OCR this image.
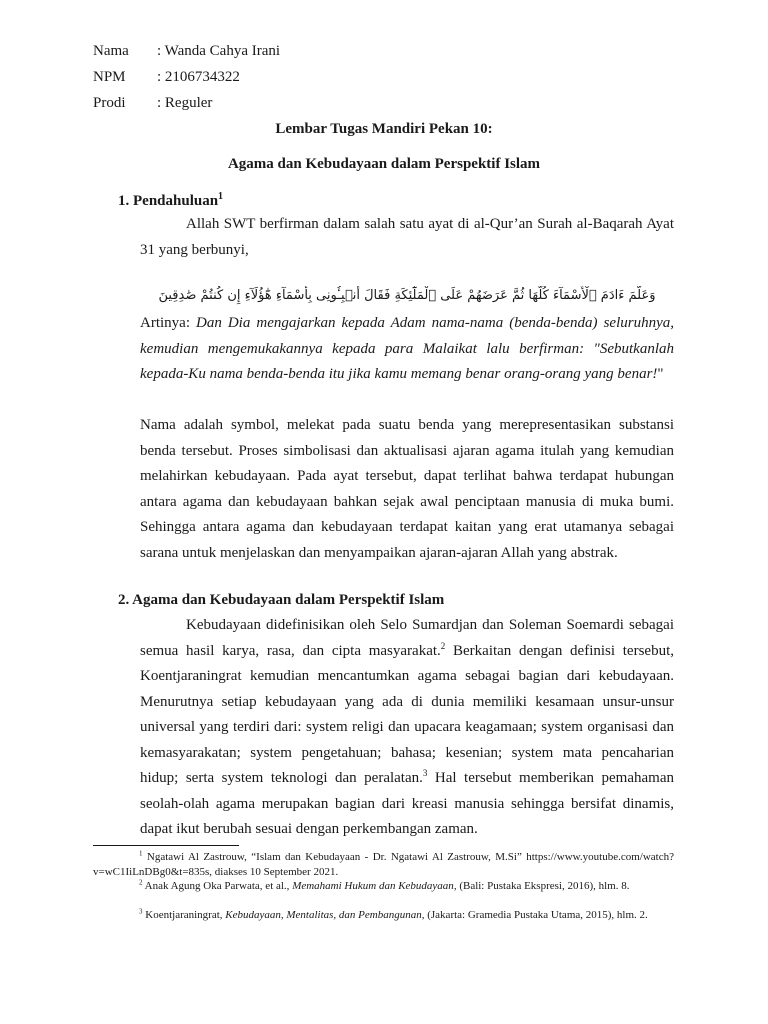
Nama : Wanda Cahya Irani
NPM : 2106734322
Prodi : Reguler
Lembar Tugas Mandiri Pekan 10:
Agama dan Kebudayaan dalam Perspektif Islam
1. Pendahuluan$^1$
Allah SWT berfirman dalam salah satu ayat di al-Qur’an Surah al-Baqarah Ayat 31 yang berbunyi,
وَعَلَّمَ ءَادَمَ ٱلْأَسْمَآءَ كُلَّهَا ثُمَّ عَرَضَهُمْ عَلَى ٱلْمَلَٰٓئِكَةِ فَقَالَ أَنۢبِـُٔونِى بِأَسْمَآءِ هَٰٓؤُلَآءِ إِن كُنتُمْ صَٰدِقِينَ
Artinya: Dan Dia mengajarkan kepada Adam nama-nama (benda-benda) seluruhnya, kemudian mengemukakannya kepada para Malaikat lalu berfirman: "Sebutkanlah kepada-Ku nama benda-benda itu jika kamu memang benar orang-orang yang benar!"
Nama adalah symbol, melekat pada suatu benda yang merepresentasikan substansi benda tersebut. Proses simbolisasi dan aktualisasi ajaran agama itulah yang kemudian melahirkan kebudayaan. Pada ayat tersebut, dapat terlihat bahwa terdapat hubungan antara agama dan kebudayaan bahkan sejak awal penciptaan manusia di muka bumi. Sehingga antara agama dan kebudayaan terdapat kaitan yang erat utamanya sebagai sarana untuk menjelaskan dan menyampaikan ajaran-ajaran Allah yang abstrak.
2. Agama dan Kebudayaan dalam Perspektif Islam
Kebudayaan didefinisikan oleh Selo Sumardjan dan Soleman Soemardi sebagai semua hasil karya, rasa, dan cipta masyarakat.$^2$ Berkaitan dengan definisi tersebut, Koentjaraningrat kemudian mencantumkan agama sebagai bagian dari kebudayaan. Menurutnya setiap kebudayaan yang ada di dunia memiliki kesamaan unsur-unsur universal yang terdiri dari: system religi dan upacara keagamaan; system organisasi dan kemasyarakatan; system pengetahuan; bahasa; kesenian; system mata pencaharian hidup; serta system teknologi dan peralatan.$^3$ Hal tersebut memberikan pemahaman seolah-olah agama merupakan bagian dari kreasi manusia sehingga bersifat dinamis, dapat ikut berubah sesuai dengan perkembangan zaman.
$^1$ Ngatawi Al Zastrouw, “Islam dan Kebudayaan - Dr. Ngatawi Al Zastrouw, M.Si” https://www.youtube.com/watch?v=wC1IiLnDBg0&t=835s, diakses 10 September 2021.
$^2$ Anak Agung Oka Parwata, et al., Memahami Hukum dan Kebudayaan, (Bali: Pustaka Ekspresi, 2016), hlm. 8.
$^3$ Koentjaraningrat, Kebudayaan, Mentalitas, dan Pembangunan, (Jakarta: Gramedia Pustaka Utama, 2015), hlm. 2.
